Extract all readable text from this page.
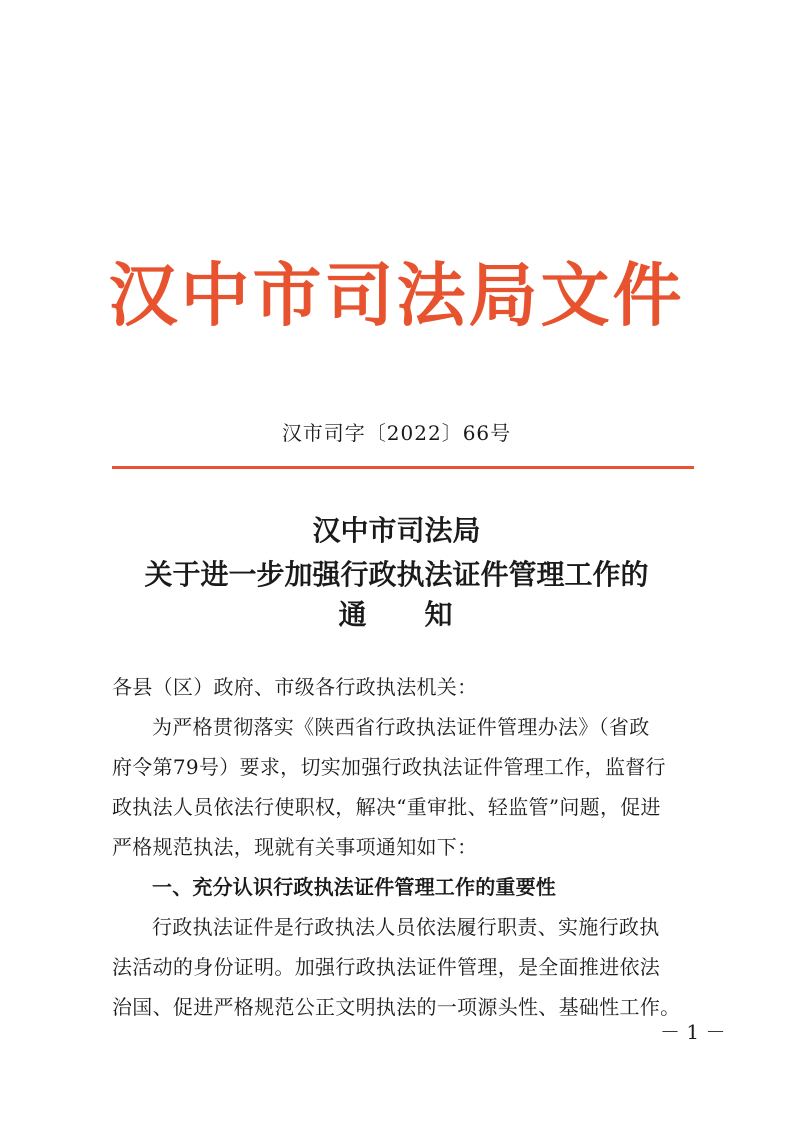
汉中市司法局文件
汉市司字〔2022〕66号
汉中市司法局
关于进一步加强行政执法证件管理工作的
通 知
各县（区）政府、市级各行政执法机关：
为严格贯彻落实《陕西省行政执法证件管理办法》（省政
府令第79号）要求，切实加强行政执法证件管理工作，监督行
政执法人员依法行使职权，解决“重审批、轻监管”问题，促进
严格规范执法，现就有关事项通知如下：
一、充分认识行政执法证件管理工作的重要性
行政执法证件是行政执法人员依法履行职责、实施行政执
法活动的身份证明。加强行政执法证件管理，是全面推进依法
治国、促进严格规范公正文明执法的一项源头性、基础性工作。
－ 1 －
